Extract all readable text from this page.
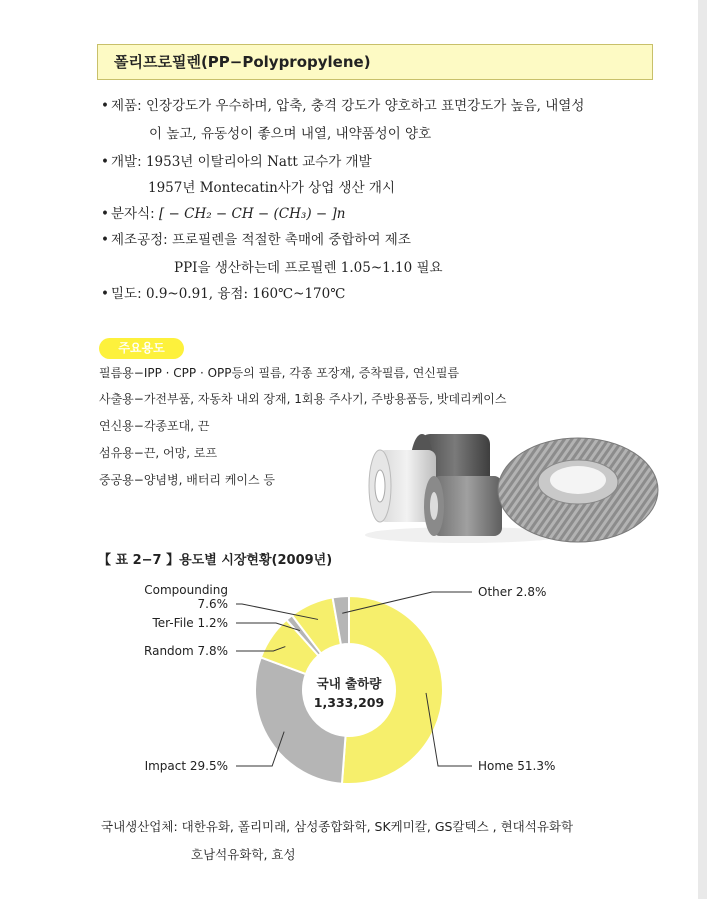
폴리프로필렌(PP−Polypropylene)
• 제품: 인장강도가 우수하며, 압축, 충격 강도가 양호하고 표면강도가 높음, 내열성
이 높고, 유동성이 좋으며 내열, 내약품성이 양호
• 개발: 1953년 이탈리아의 Natt 교수가 개발
1957년 Montecatin사가 상업 생산 개시
• 분자식: [ − CH₂ − CH − (CH₃) − ]n
• 제조공정: 프로필렌을 적절한 촉매에 중합하여 제조
PPI을 생산하는데 프로필렌 1.05~1.10 필요
• 밀도: 0.9~0.91, 융점: 160℃~170℃
주요용도
필름용−IPP · CPP · OPP등의 필름, 각종 포장재, 증착필름, 연신필름
사출용−가전부품, 자동차 내외 장재, 1회용 주사기, 주방용품등, 밧데리케이스
연신용−각종포대, 끈
섬유용−끈, 어망, 로프
중공용−양념병, 배터리 케이스 등
【 표 2−7 】용도별 시장현황(2009년)
국내 출하량
1,333,209
Home 51.3%
Impact 29.5%
Random 7.8%
Ter-File 1.2%
Compounding 7.6%
Other 2.8%
국내생산업체: 대한유화, 폴리미래, 삼성종합화학, SK케미칼, GS칼텍스 , 현대석유화학
호남석유화학, 효성
